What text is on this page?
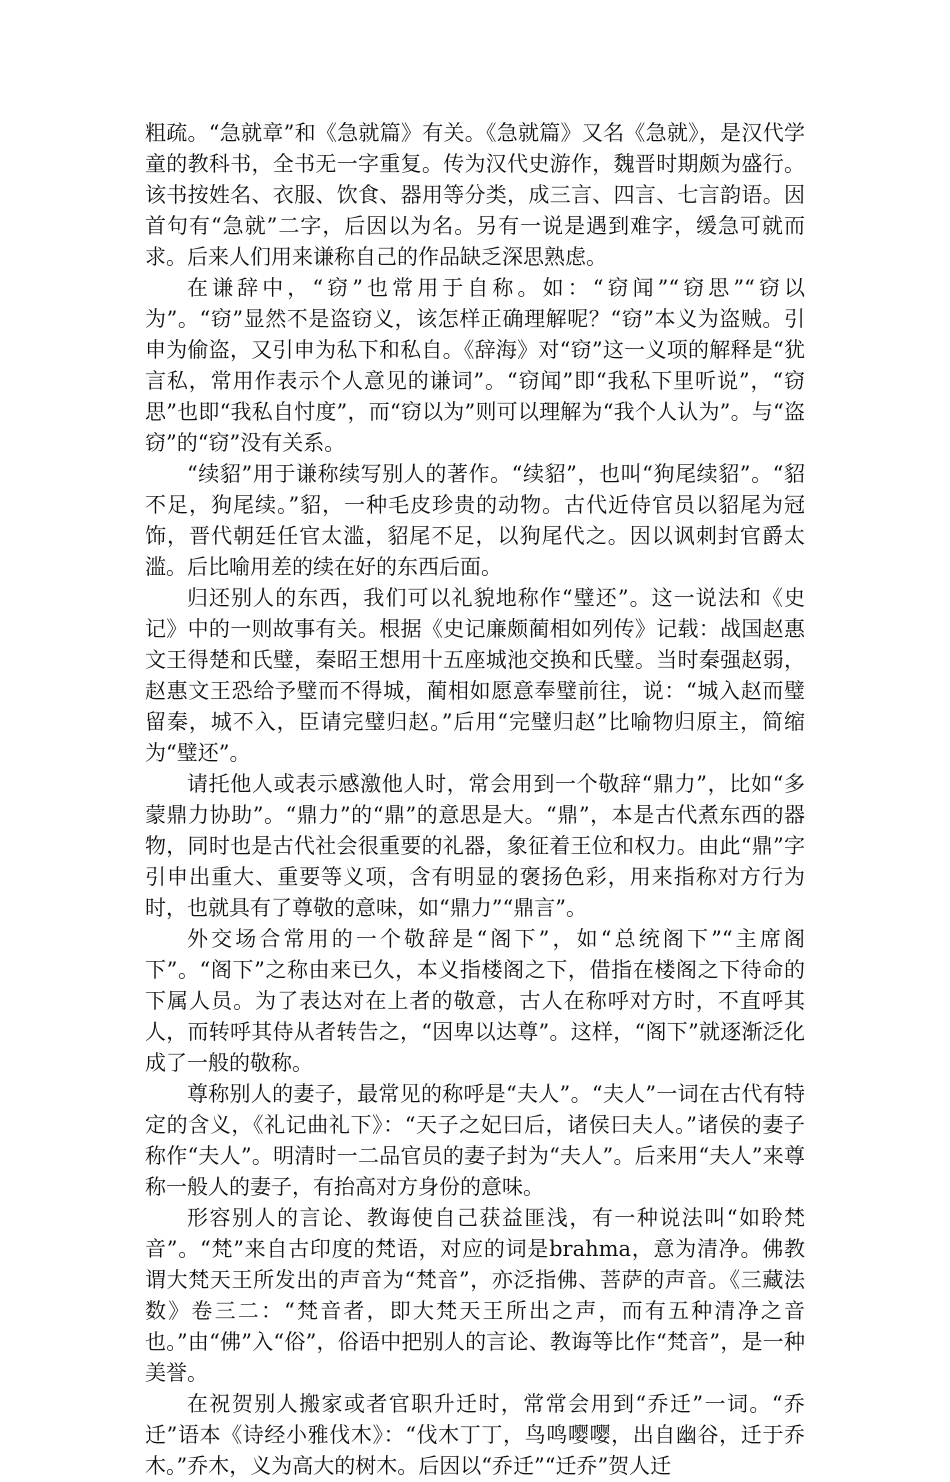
粗疏。“急就章”和《急就篇》有关。《急就篇》又名《急就》，是汉代学童的教科书，全书无一字重复。传为汉代史游作，魏晋时期颇为盛行。该书按姓名、衣服、饮食、器用等分类，成三言、四言、七言韵语。因首句有“急就”二字，后因以为名。另有一说是遇到难字，缓急可就而求。后来人们用来谦称自己的作品缺乏深思熟虑。

在谦辞中，“窃”也常用于自称。如：“窃闻”“窃思”“窃以为”。“窃”显然不是盗窃义，该怎样正确理解呢？“窃”本义为盗贼。引申为偷盗，又引申为私下和私自。《辞海》对“窃”这一义项的解释是“犹言私，常用作表示个人意见的谦词”。“窃闻”即“我私下里听说”，“窃思”也即“我私自忖度”，而“窃以为”则可以理解为“我个人认为”。与“盗窃”的“窃”没有关系。

“续貂”用于谦称续写别人的著作。“续貂”，也叫“狗尾续貂”。“貂不足，狗尾续。”貂，一种毛皮珍贵的动物。古代近侍官员以貂尾为冠饰，晋代朝廷任官太滥，貂尾不足，以狗尾代之。因以讽刺封官爵太滥。后比喻用差的续在好的东西后面。

归还别人的东西，我们可以礼貌地称作“璧还”。这一说法和《史记》中的一则故事有关。根据《史记廉颇蔺相如列传》记载：战国赵惠文王得楚和氏璧，秦昭王想用十五座城池交换和氏璧。当时秦强赵弱，赵惠文王恐给予璧而不得城，蔺相如愿意奉璧前往，说：“城入赵而璧留秦，城不入，臣请完璧归赵。”后用“完璧归赵”比喻物归原主，简缩为“璧还”。

请托他人或表示感激他人时，常会用到一个敬辞“鼎力”，比如“多蒙鼎力协助”。“鼎力”的“鼎”的意思是大。“鼎”，本是古代煮东西的器物，同时也是古代社会很重要的礼器，象征着王位和权力。由此“鼎”字引申出重大、重要等义项，含有明显的褒扬色彩，用来指称对方行为时，也就具有了尊敬的意味，如“鼎力”“鼎言”。

外交场合常用的一个敬辞是“阁下”，如“总统阁下”“主席阁下”。“阁下”之称由来已久，本义指楼阁之下，借指在楼阁之下待命的下属人员。为了表达对在上者的敬意，古人在称呼对方时，不直呼其人，而转呼其侍从者转告之，“因卑以达尊”。这样，“阁下”就逐渐泛化成了一般的敬称。

尊称别人的妻子，最常见的称呼是“夫人”。“夫人”一词在古代有特定的含义，《礼记曲礼下》：“天子之妃曰后，诸侯曰夫人。”诸侯的妻子称作“夫人”。明清时一二品官员的妻子封为“夫人”。后来用“夫人”来尊称一般人的妻子，有抬高对方身份的意味。

形容别人的言论、教诲使自己获益匪浅，有一种说法叫“如聆梵音”。“梵”来自古印度的梵语，对应的词是brahma，意为清净。佛教谓大梵天王所发出的声音为“梵音”，亦泛指佛、菩萨的声音。《三藏法数》卷三二：“梵音者，即大梵天王所出之声，而有五种清净之音也。”由“佛”入“俗”，俗语中把别人的言论、教诲等比作“梵音”，是一种美誉。

在祝贺别人搬家或者官职升迁时，常常会用到“乔迁”一词。“乔迁”语本《诗经小雅伐木》：“伐木丁丁，鸟鸣嘤嘤，出自幽谷，迁于乔木。”乔木，义为高大的树木。后因以“乔迁”“迁乔”贺人迁
